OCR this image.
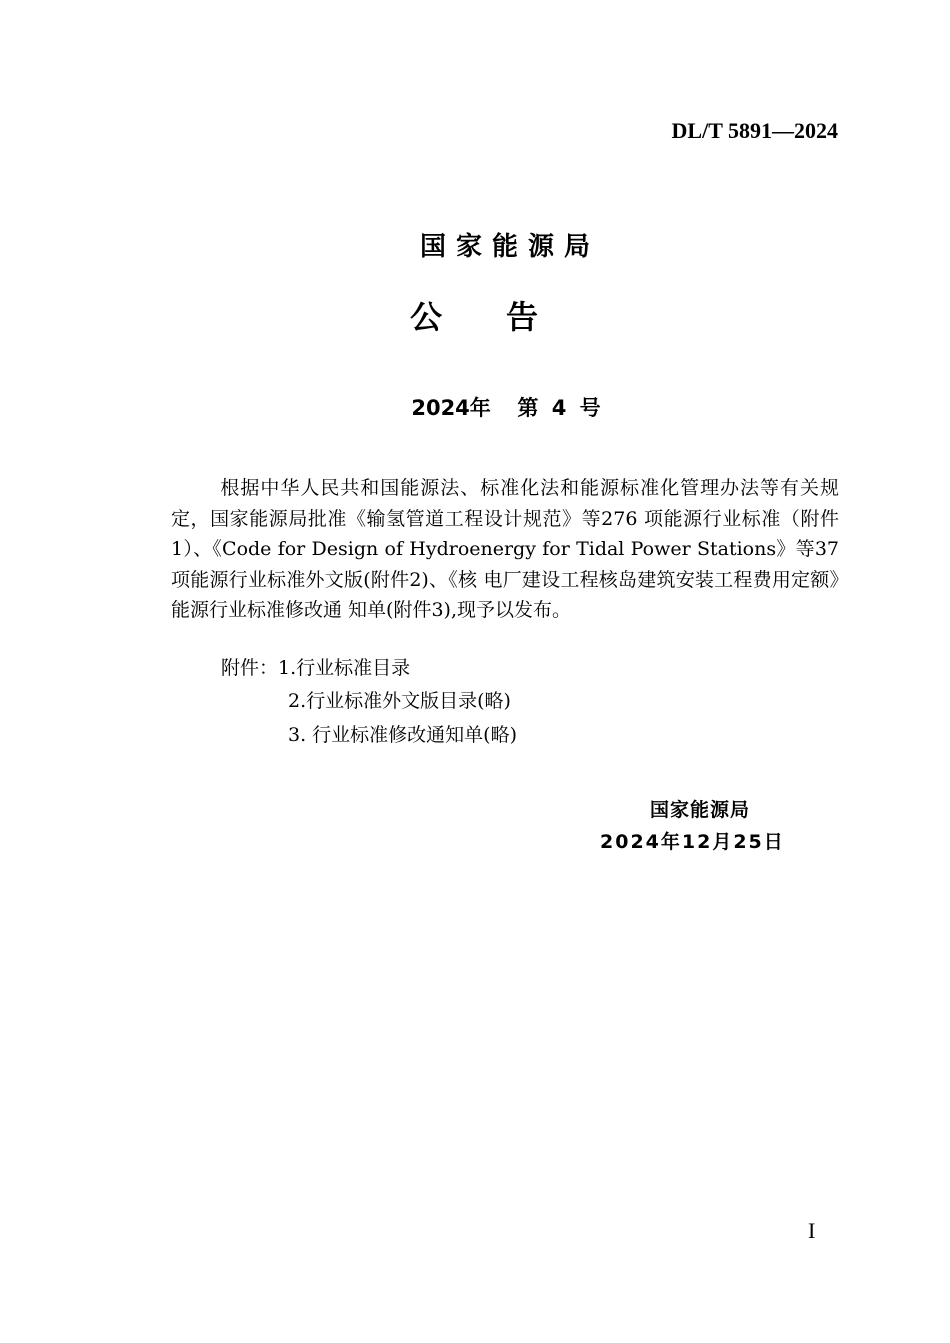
DL/T 5891—2024
国家能源局
公告
2024年  第 4 号
根据中华人民共和国能源法、标准化法和能源标准化管理办法等有关规定，国家能源局批准《输氢管道工程设计规范》等276 项能源行业标准（附件 1）、《Code for Design of Hydroenergy for Tidal Power Stations》等37项能源行业标准外文版(附件2)、《核 电厂建设工程核岛建筑安装工程费用定额》能源行业标准修改通 知单(附件3),现予以发布。
附件：1.行业标准目录
2.行业标准外文版目录(略)
3. 行业标准修改通知单(略)
国家能源局
2024年12月25日
I
